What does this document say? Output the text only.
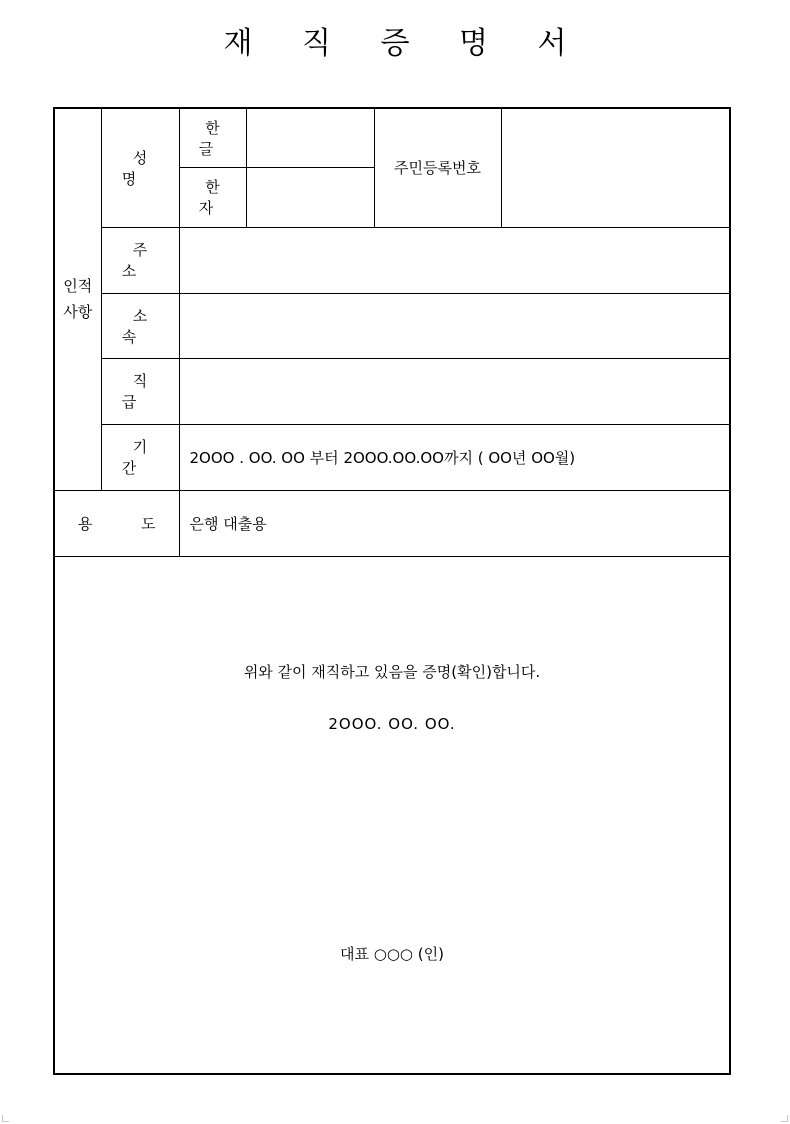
재 직 증 명 서
인적
사항	성 명	한 글		주민등록번호	
		한 자			
	주 소				
	소 속				
	직 급				
	기 간	2OOO . OO. OO 부터 2OOO.OO.OO까지 ( OO년 OO월)			
용 도		은행 대출용			

위와 같이 재직하고 있음을 증명(확인)합니다.
2OOO. OO. OO.
대표 ○○○ (인)					
